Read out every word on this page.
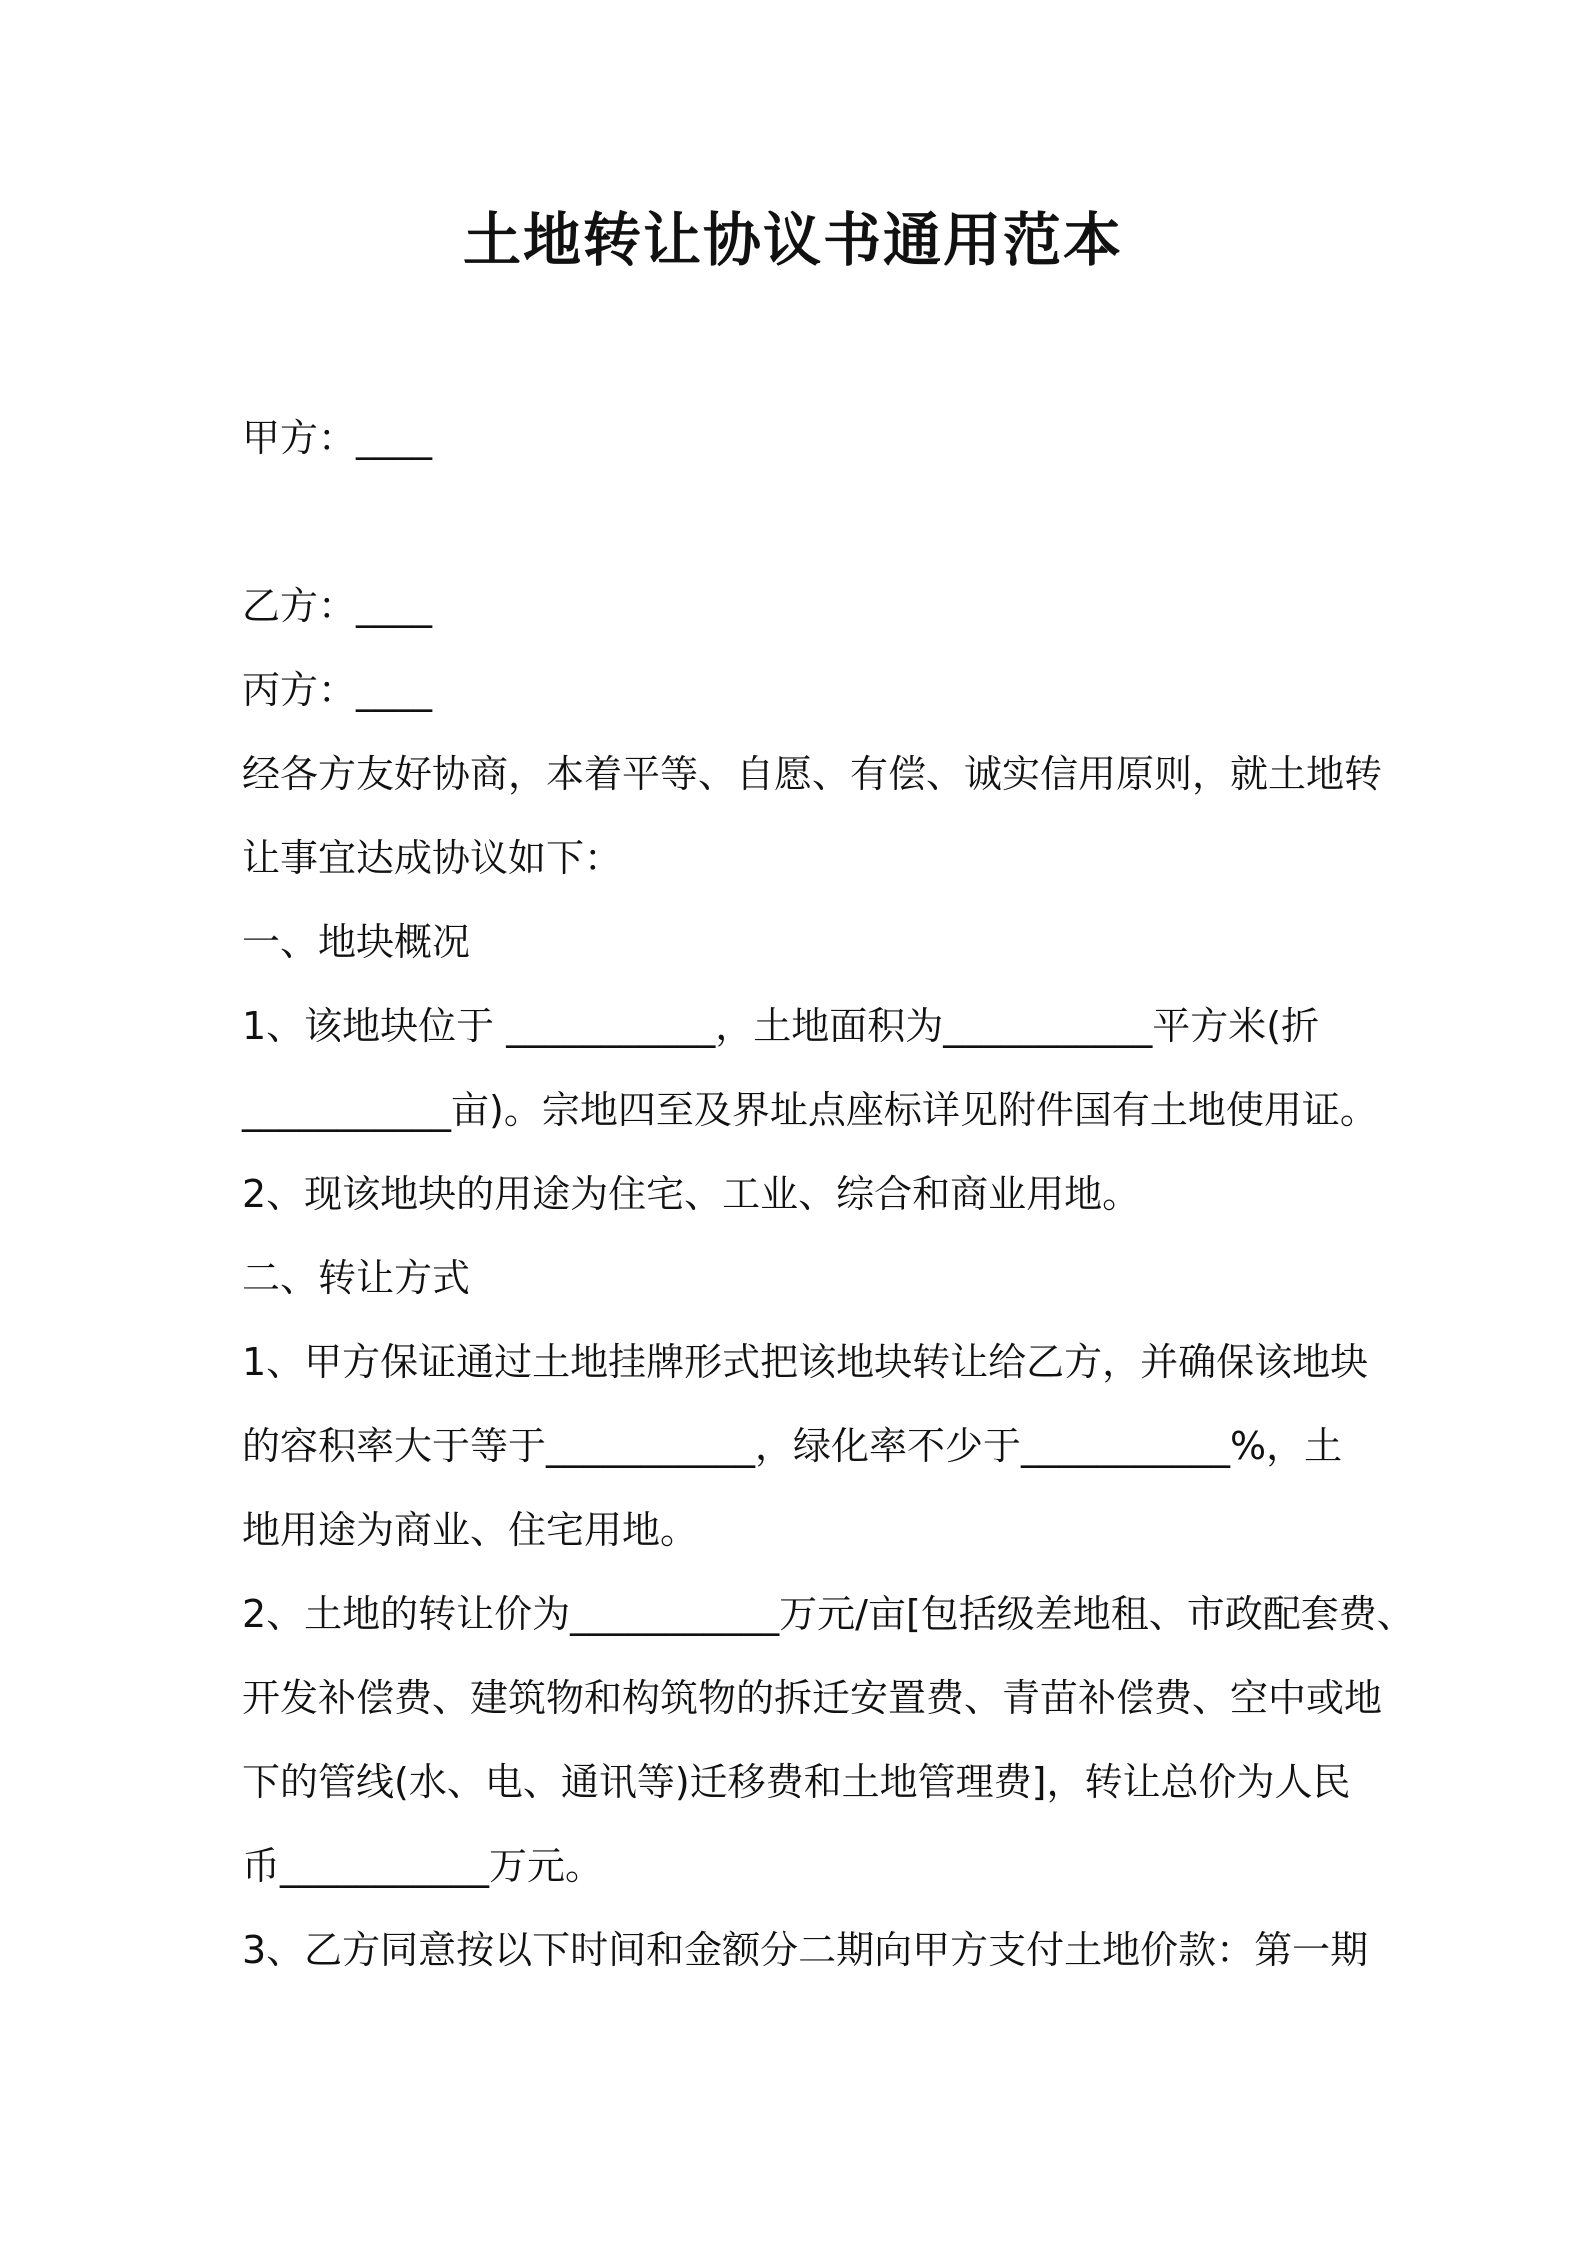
土地转让协议书通用范本

甲方：____

乙方：____

丙方：____

经各方友好协商，本着平等、自愿、有偿、诚实信用原则，就土地转

让事宜达成协议如下：

一、地块概况

1、该地块位于 ___________，土地面积为___________平方米(折

___________亩)。宗地四至及界址点座标详见附件国有土地使用证。

2、现该地块的用途为住宅、工业、综合和商业用地。

二、转让方式

1、甲方保证通过土地挂牌形式把该地块转让给乙方，并确保该地块

的容积率大于等于___________，绿化率不少于___________%，土

地用途为商业、住宅用地。

2、土地的转让价为___________万元/亩[包括级差地租、市政配套费、

开发补偿费、建筑物和构筑物的拆迁安置费、青苗补偿费、空中或地

下的管线(水、电、通讯等)迁移费和土地管理费]，转让总价为人民

币___________万元。

3、乙方同意按以下时间和金额分二期向甲方支付土地价款：第一期
